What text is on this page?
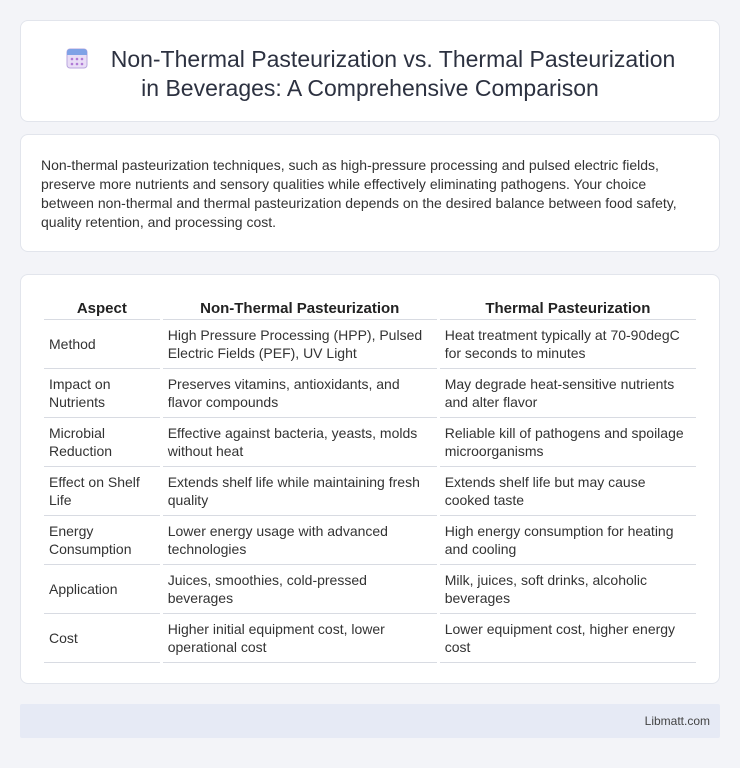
Non-Thermal Pasteurization vs. Thermal Pasteurization
in Beverages: A Comprehensive Comparison

Non-thermal pasteurization techniques, such as high-pressure processing and pulsed electric fields, preserve more nutrients and sensory qualities while effectively eliminating pathogens. Your choice between non-thermal and thermal pasteurization depends on the desired balance between food safety, quality retention, and processing cost.

Aspect	Non-Thermal Pasteurization	Thermal Pasteurization
Method	High Pressure Processing (HPP), Pulsed Electric Fields (PEF), UV Light	Heat treatment typically at 70-90degC for seconds to minutes
Impact on Nutrients	Preserves vitamins, antioxidants, and flavor compounds	May degrade heat-sensitive nutrients and alter flavor
Microbial Reduction	Effective against bacteria, yeasts, molds without heat	Reliable kill of pathogens and spoilage microorganisms
Effect on Shelf Life	Extends shelf life while maintaining fresh quality	Extends shelf life but may cause cooked taste
Energy Consumption	Lower energy usage with advanced technologies	High energy consumption for heating and cooling
Application	Juices, smoothies, cold-pressed beverages	Milk, juices, soft drinks, alcoholic beverages
Cost	Higher initial equipment cost, lower operational cost	Lower equipment cost, higher energy cost
Libmatt.com
